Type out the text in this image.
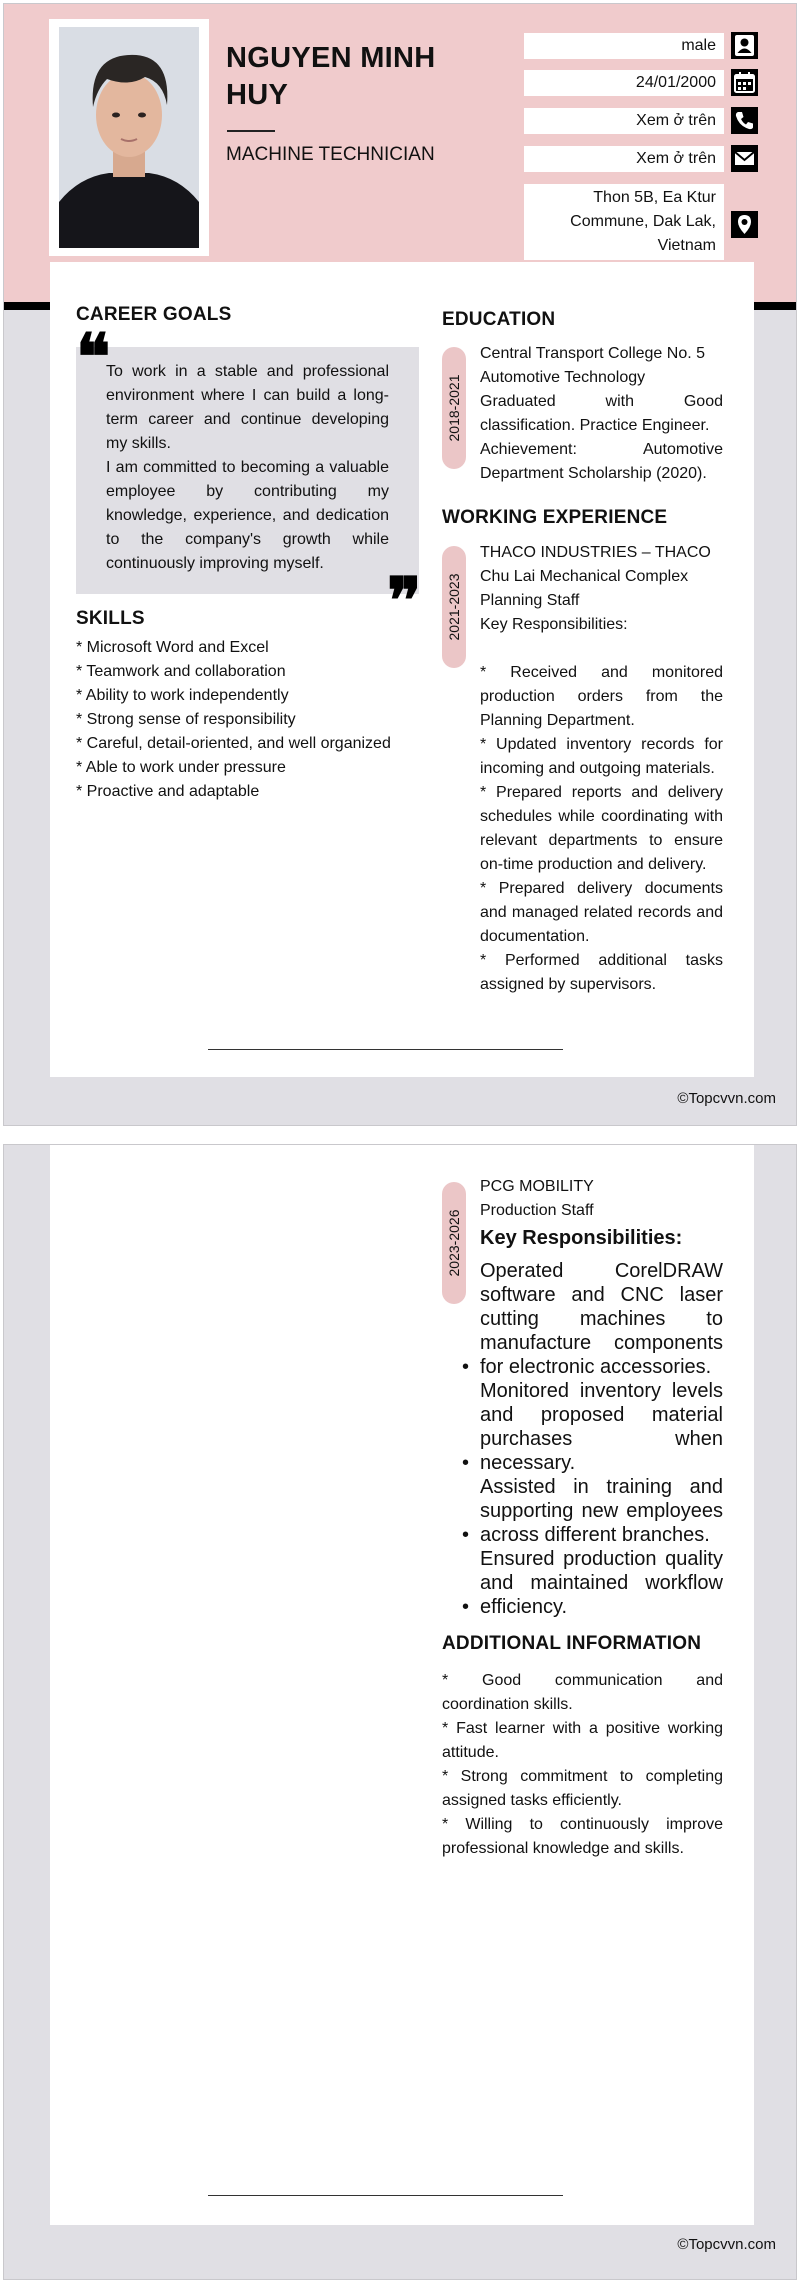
NGUYEN MINH HUY
MACHINE TECHNICIAN
male
24/01/2000
Xem ở trên
Xem ở trên
Thon 5B, Ea Ktur Commune, Dak Lak, Vietnam
CAREER GOALS
❝
To work in a stable and professional environment where I can build a long-term career and continue developing my skills.
I am committed to becoming a valuable employee by contributing my knowledge, experience, and dedication to the company's growth while continuously improving myself.
❞
SKILLS
* Microsoft Word and Excel
* Teamwork and collaboration
* Ability to work independently
* Strong sense of responsibility
* Careful, detail-oriented, and well organized
* Able to work under pressure
* Proactive and adaptable
EDUCATION
2018-2021
Central Transport College No. 5
Automotive Technology
Graduated with Good classification. Practice Engineer.
Achievement: Automotive Department Scholarship (2020).
WORKING EXPERIENCE
2021-2023
THACO INDUSTRIES – THACO Chu Lai Mechanical Complex
Planning Staff
Key Responsibilities:
* Received and monitored production orders from the Planning Department.
* Updated inventory records for incoming and outgoing materials.
* Prepared reports and delivery schedules while coordinating with relevant departments to ensure on-time production and delivery.
* Prepared delivery documents and managed related records and documentation.
* Performed additional tasks assigned by supervisors.
©Topcvvn.com
2023-2026
PCG MOBILITY
Production Staff
Key Responsibilities:
• Operated CorelDRAW software and CNC laser cutting machines to manufacture components for electronic accessories.
• Monitored inventory levels and proposed material purchases when necessary.
• Assisted in training and supporting new employees across different branches.
• Ensured production quality and maintained workflow efficiency.
ADDITIONAL INFORMATION
* Good communication and coordination skills.
* Fast learner with a positive working attitude.
* Strong commitment to completing assigned tasks efficiently.
* Willing to continuously improve professional knowledge and skills.
©Topcvvn.com
